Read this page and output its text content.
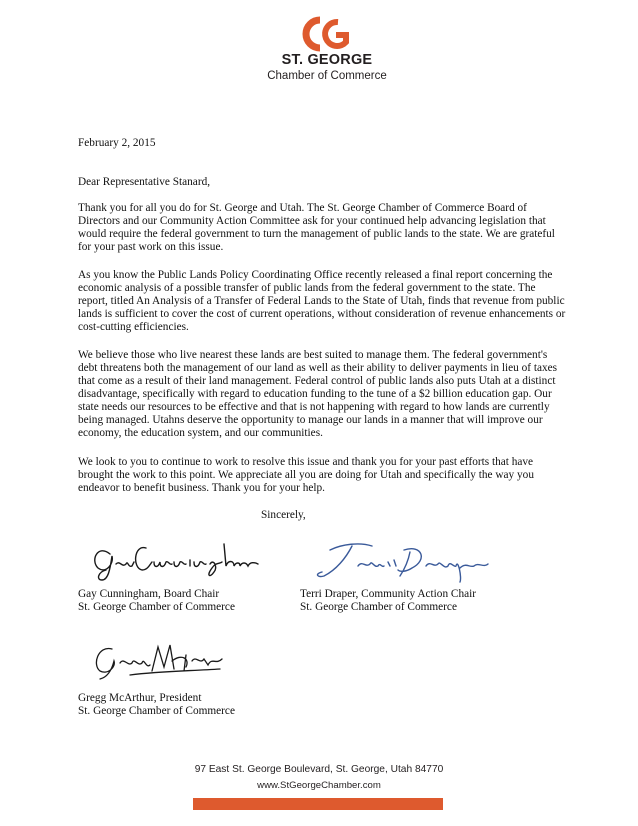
ST. GEORGE
Chamber of Commerce

February 2, 2015

Dear Representative Stanard,

Thank you for all you do for St. George and Utah. The St. George Chamber of Commerce Board of Directors and our Community Action Committee ask for your continued help advancing legislation that would require the federal government to turn the management of public lands to the state. We are grateful for your past work on this issue.

As you know the Public Lands Policy Coordinating Office recently released a final report concerning the economic analysis of a possible transfer of public lands from the federal government to the state. The report, titled An Analysis of a Transfer of Federal Lands to the State of Utah, finds that revenue from public lands is sufficient to cover the cost of current operations, without consideration of revenue enhancements or cost-cutting efficiencies.

We believe those who live nearest these lands are best suited to manage them. The federal government's debt threatens both the management of our land as well as their ability to deliver payments in lieu of taxes that come as a result of their land management. Federal control of public lands also puts Utah at a distinct disadvantage, specifically with regard to education funding to the tune of a $2 billion education gap. Our state needs our resources to be effective and that is not happening with regard to how lands are currently being managed. Utahns deserve the opportunity to manage our lands in a manner that will improve our economy, the education system, and our communities.

We look to you to continue to work to resolve this issue and thank you for your past efforts that have brought the work to this point. We appreciate all you are doing for Utah and specifically the way you endeavor to benefit business. Thank you for your help.

Sincerely,
Gay Cunningham, Board Chair
St. George Chamber of Commerce
Terri Draper, Community Action Chair
St. George Chamber of Commerce
Gregg McArthur, President
St. George Chamber of Commerce
97 East St. George Boulevard, St. George, Utah 84770
www.StGeorgeChamber.com
